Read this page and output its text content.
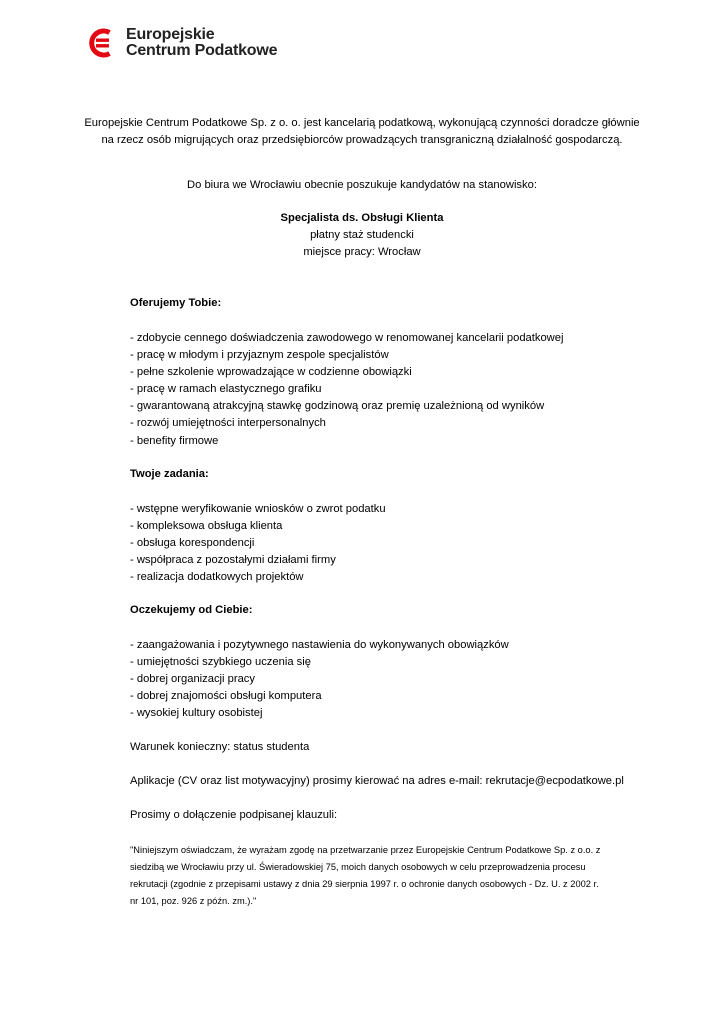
Europejskie
Centrum Podatkowe
Europejskie Centrum Podatkowe Sp. z o. o. jest kancelarią podatkową, wykonującą czynności doradcze głównie
na rzecz osób migrujących oraz przedsiębiorców prowadzących transgraniczną działalność gospodarczą.
Do biura we Wrocławiu obecnie poszukuje kandydatów na stanowisko:
Specjalista ds. Obsługi Klienta
płatny staż studencki
miejsce pracy: Wrocław
Oferujemy Tobie:
- zdobycie cennego doświadczenia zawodowego w renomowanej kancelarii podatkowej
- pracę w młodym i przyjaznym zespole specjalistów
- pełne szkolenie wprowadzające w codzienne obowiązki
- pracę w ramach elastycznego grafiku
- gwarantowaną atrakcyjną stawkę godzinową oraz premię uzależnioną od wyników
- rozwój umiejętności interpersonalnych
- benefity firmowe
Twoje zadania:
- wstępne weryfikowanie wniosków o zwrot podatku
- kompleksowa obsługa klienta
- obsługa korespondencji
- współpraca z pozostałymi działami firmy
- realizacja dodatkowych projektów
Oczekujemy od Ciebie:
- zaangażowania i pozytywnego nastawienia do wykonywanych obowiązków
- umiejętności szybkiego uczenia się
- dobrej organizacji pracy
- dobrej znajomości obsługi komputera
- wysokiej kultury osobistej
Warunek konieczny: status studenta
Aplikacje (CV oraz list motywacyjny) prosimy kierować na adres e-mail: rekrutacje@ecpodatkowe.pl
Prosimy o dołączenie podpisanej klauzuli:
"Niniejszym oświadczam, że wyrażam zgodę na przetwarzanie przez Europejskie Centrum Podatkowe Sp. z o.o. z
siedzibą we Wrocławiu przy ul. Świeradowskiej 75, moich danych osobowych w celu przeprowadzenia procesu
rekrutacji (zgodnie z przepisami ustawy z dnia 29 sierpnia 1997 r. o ochronie danych osobowych - Dz. U. z 2002 r.
nr 101, poz. 926 z późn. zm.)."
